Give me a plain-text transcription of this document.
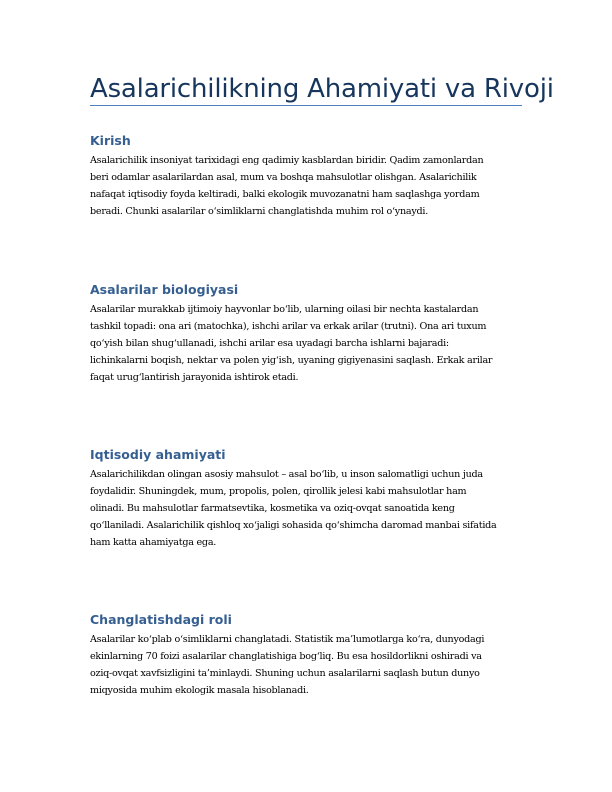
Asalarichilikning Ahamiyati va Rivoji
Kirish

Asalarichilik insoniyat tarixidagi eng qadimiy kasblardan biridir. Qadim zamonlardan
beri odamlar asalarilardan asal, mum va boshqa mahsulotlar olishgan. Asalarichilik
nafaqat iqtisodiy foyda keltiradi, balki ekologik muvozanatni ham saqlashga yordam
beradi. Chunki asalarilar o‘simliklarni changlatishda muhim rol o‘ynaydi.

Asalarilar biologiyasi

Asalarilar murakkab ijtimoiy hayvonlar bo‘lib, ularning oilasi bir nechta kastalardan
tashkil topadi: ona ari (matochka), ishchi arilar va erkak arilar (trutni). Ona ari tuxum
qo‘yish bilan shug‘ullanadi, ishchi arilar esa uyadagi barcha ishlarni bajaradi:
lichinkalarni boqish, nektar va polen yig‘ish, uyaning gigiyenasini saqlash. Erkak arilar
faqat urug‘lantirish jarayonida ishtirok etadi.

Iqtisodiy ahamiyati

Asalarichilikdan olingan asosiy mahsulot – asal bo‘lib, u inson salomatligi uchun juda
foydalidir. Shuningdek, mum, propolis, polen, qirollik jelesi kabi mahsulotlar ham
olinadi. Bu mahsulotlar farmatsevtika, kosmetika va oziq-ovqat sanoatida keng
qo‘llaniladi. Asalarichilik qishloq xo‘jaligi sohasida qo‘shimcha daromad manbai sifatida
ham katta ahamiyatga ega.

Changlatishdagi roli

Asalarilar ko‘plab o‘simliklarni changlatadi. Statistik ma’lumotlarga ko‘ra, dunyodagi
ekinlarning 70 foizi asalarilar changlatishiga bog‘liq. Bu esa hosildorlikni oshiradi va
oziq-ovqat xavfsizligini ta’minlaydi. Shuning uchun asalarilarni saqlash butun dunyo
miqyosida muhim ekologik masala hisoblanadi.
